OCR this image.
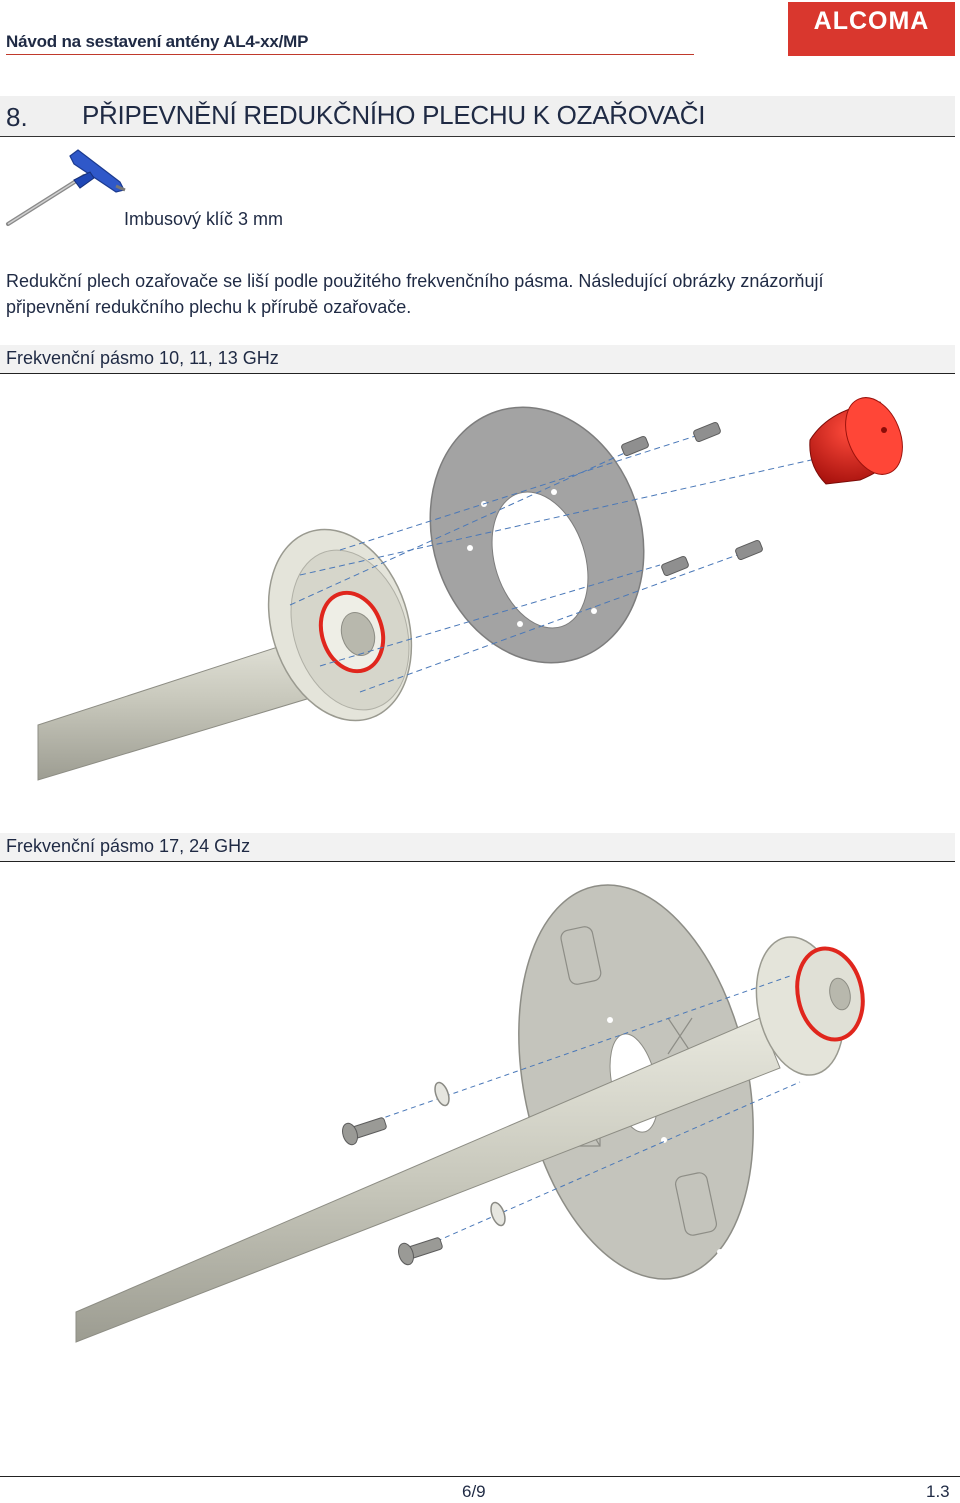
Návod na sestavení antény AL4-xx/MP
ALCOMA
8. PŘIPEVNĚNÍ REDUKČNÍHO PLECHU K OZAŘOVAČI
Imbusový klíč 3 mm
Redukční plech ozařovače se liší podle použitého frekvenčního pásma. Následující obrázky znázorňují
připevnění redukčního plechu k přírubě ozařovače.
Frekvenční pásmo 10, 11, 13 GHz
Frekvenční pásmo 17, 24 GHz
6/9	1.3
